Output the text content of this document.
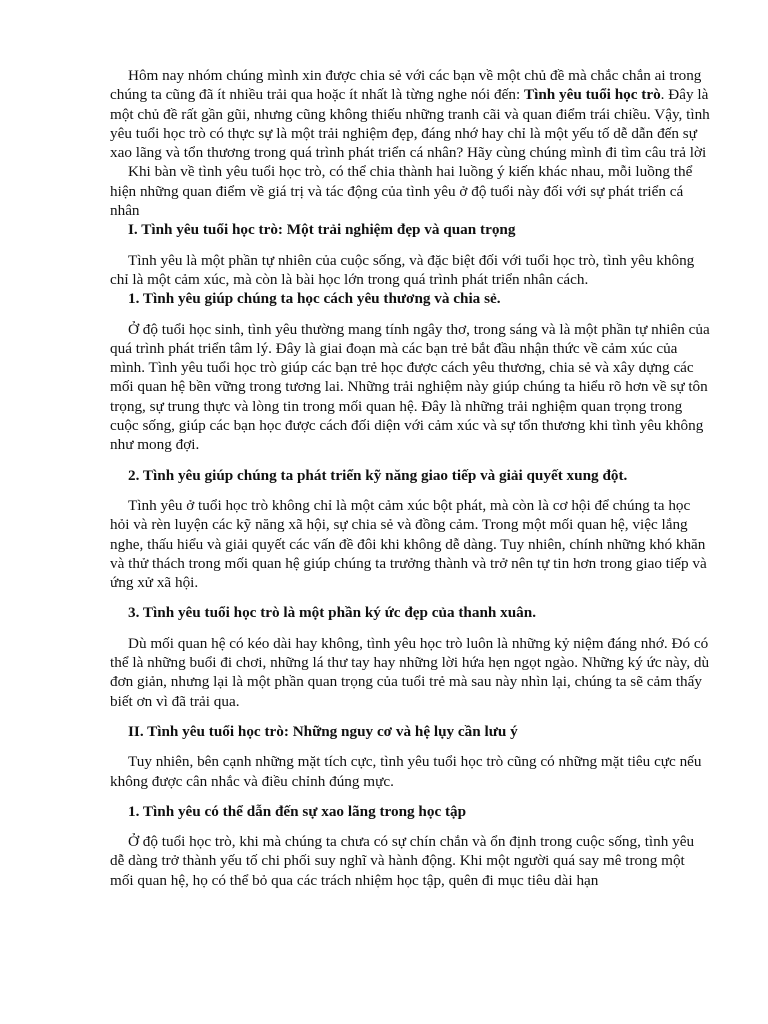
Hôm nay nhóm chúng mình xin được chia sẻ với các bạn về một chủ đề mà chắc chắn ai trong chúng ta cũng đã ít nhiều trải qua hoặc ít nhất là từng nghe nói đến: Tình yêu tuổi học trò. Đây là một chủ đề rất gần gũi, nhưng cũng không thiếu những tranh cãi và quan điểm trái chiều. Vậy, tình yêu tuổi học trò có thực sự là một trải nghiệm đẹp, đáng nhớ hay chỉ là một yếu tố dễ dẫn đến sự xao lãng và tổn thương trong quá trình phát triển cá nhân? Hãy cùng chúng mình đi tìm câu trả lời

Khi bàn về tình yêu tuổi học trò, có thể chia thành hai luồng ý kiến khác nhau, mỗi luồng thể hiện những quan điểm về giá trị và tác động của tình yêu ở độ tuổi này đối với sự phát triển cá nhân

I. Tình yêu tuổi học trò: Một trải nghiệm đẹp và quan trọng

Tình yêu là một phần tự nhiên của cuộc sống, và đặc biệt đối với tuổi học trò, tình yêu không chỉ là một cảm xúc, mà còn là bài học lớn trong quá trình phát triển nhân cách.

1. Tình yêu giúp chúng ta học cách yêu thương và chia sẻ.

Ở độ tuổi học sinh, tình yêu thường mang tính ngây thơ, trong sáng và là một phần tự nhiên của quá trình phát triển tâm lý. Đây là giai đoạn mà các bạn trẻ bắt đầu nhận thức về cảm xúc của mình. Tình yêu tuổi học trò giúp các bạn trẻ học được cách yêu thương, chia sẻ và xây dựng các mối quan hệ bền vững trong tương lai. Những trải nghiệm này giúp chúng ta hiểu rõ hơn về sự tôn trọng, sự trung thực và lòng tin trong mối quan hệ. Đây là những trải nghiệm quan trọng trong cuộc sống, giúp các bạn học được cách đối diện với cảm xúc và sự tổn thương khi tình yêu không như mong đợi.

2. Tình yêu giúp chúng ta phát triển kỹ năng giao tiếp và giải quyết xung đột.

Tình yêu ở tuổi học trò không chỉ là một cảm xúc bột phát, mà còn là cơ hội để chúng ta học hỏi và rèn luyện các kỹ năng xã hội, sự chia sẻ và đồng cảm. Trong một mối quan hệ, việc lắng nghe, thấu hiểu và giải quyết các vấn đề đôi khi không dễ dàng. Tuy nhiên, chính những khó khăn và thử thách trong mối quan hệ giúp chúng ta trưởng thành và trở nên tự tin hơn trong giao tiếp và ứng xử xã hội.

3. Tình yêu tuổi học trò là một phần ký ức đẹp của thanh xuân.

Dù mối quan hệ có kéo dài hay không, tình yêu học trò luôn là những kỷ niệm đáng nhớ. Đó có thể là những buổi đi chơi, những lá thư tay hay những lời hứa hẹn ngọt ngào. Những ký ức này, dù đơn giản, nhưng lại là một phần quan trọng của tuổi trẻ mà sau này nhìn lại, chúng ta sẽ cảm thấy biết ơn vì đã trải qua.

II. Tình yêu tuổi học trò: Những nguy cơ và hệ lụy cần lưu ý

Tuy nhiên, bên cạnh những mặt tích cực, tình yêu tuổi học trò cũng có những mặt tiêu cực nếu không được cân nhắc và điều chỉnh đúng mực.

1. Tình yêu có thể dẫn đến sự xao lãng trong học tập

Ở độ tuổi học trò, khi mà chúng ta chưa có sự chín chắn và ổn định trong cuộc sống, tình yêu dễ dàng trở thành yếu tố chi phối suy nghĩ và hành động. Khi một người quá say mê trong một mối quan hệ, họ có thể bỏ qua các trách nhiệm học tập, quên đi mục tiêu dài hạn
